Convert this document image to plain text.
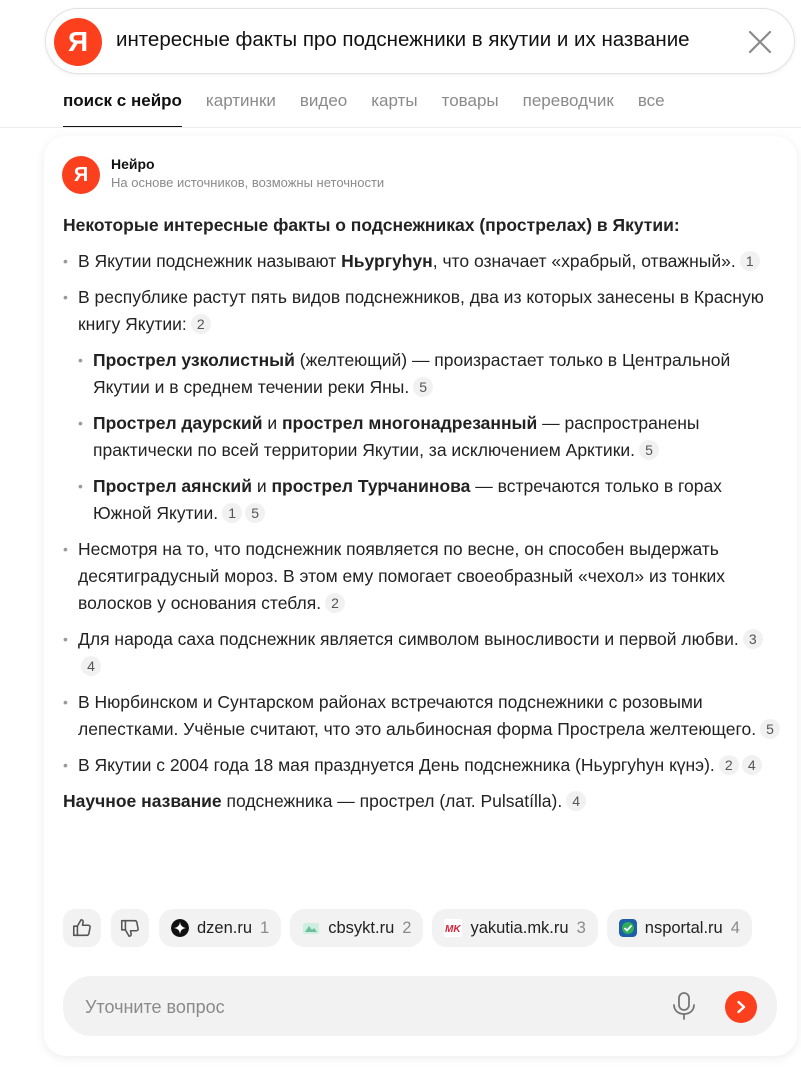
Я	интересные факты про подснежники в якутии и их название
поиск с нейро картинки видео карты товары переводчик все
Я	Нейро
На основе источников, возможны неточности
Некоторые интересные факты о подснежниках (прострелах) в Якутии:
• В Якутии подснежник называют Ньургуһун, что означает «храбрый, отважный». 1
• В республике растут пять видов подснежников, два из которых занесены в Красную книгу Якутии: 2
• Прострел узколистный (желтеющий) — произрастает только в Центральной Якутии и в среднем течении реки Яны. 5
• Прострел даурский и прострел многонадрезанный — распространены практически по всей территории Якутии, за исключением Арктики. 5
• Прострел аянский и прострел Турчанинова — встречаются только в горах Южной Якутии. 1 5
• Несмотря на то, что подснежник появляется по весне, он способен выдержать десятиградусный мороз. В этом ему помогает своеобразный «чехол» из тонких волосков у основания стебля. 2
• Для народа саха подснежник является символом выносливости и первой любви. 34
• В Нюрбинском и Сунтарском районах встречаются подснежники с розовыми лепестками. Учёные считают, что это альбиносная форма Прострела желтеющего. 5
• В Якутии с 2004 года 18 мая празднуется День подснежника (Ньургуһун күнэ). 2 4
Научное название подснежника — прострел (лат. Pulsatílla). 4
dzen.ru 1	cbsykt.ru 2	MK yakutia.mk.ru 3	nsportal.ru 4
Уточните вопрос
